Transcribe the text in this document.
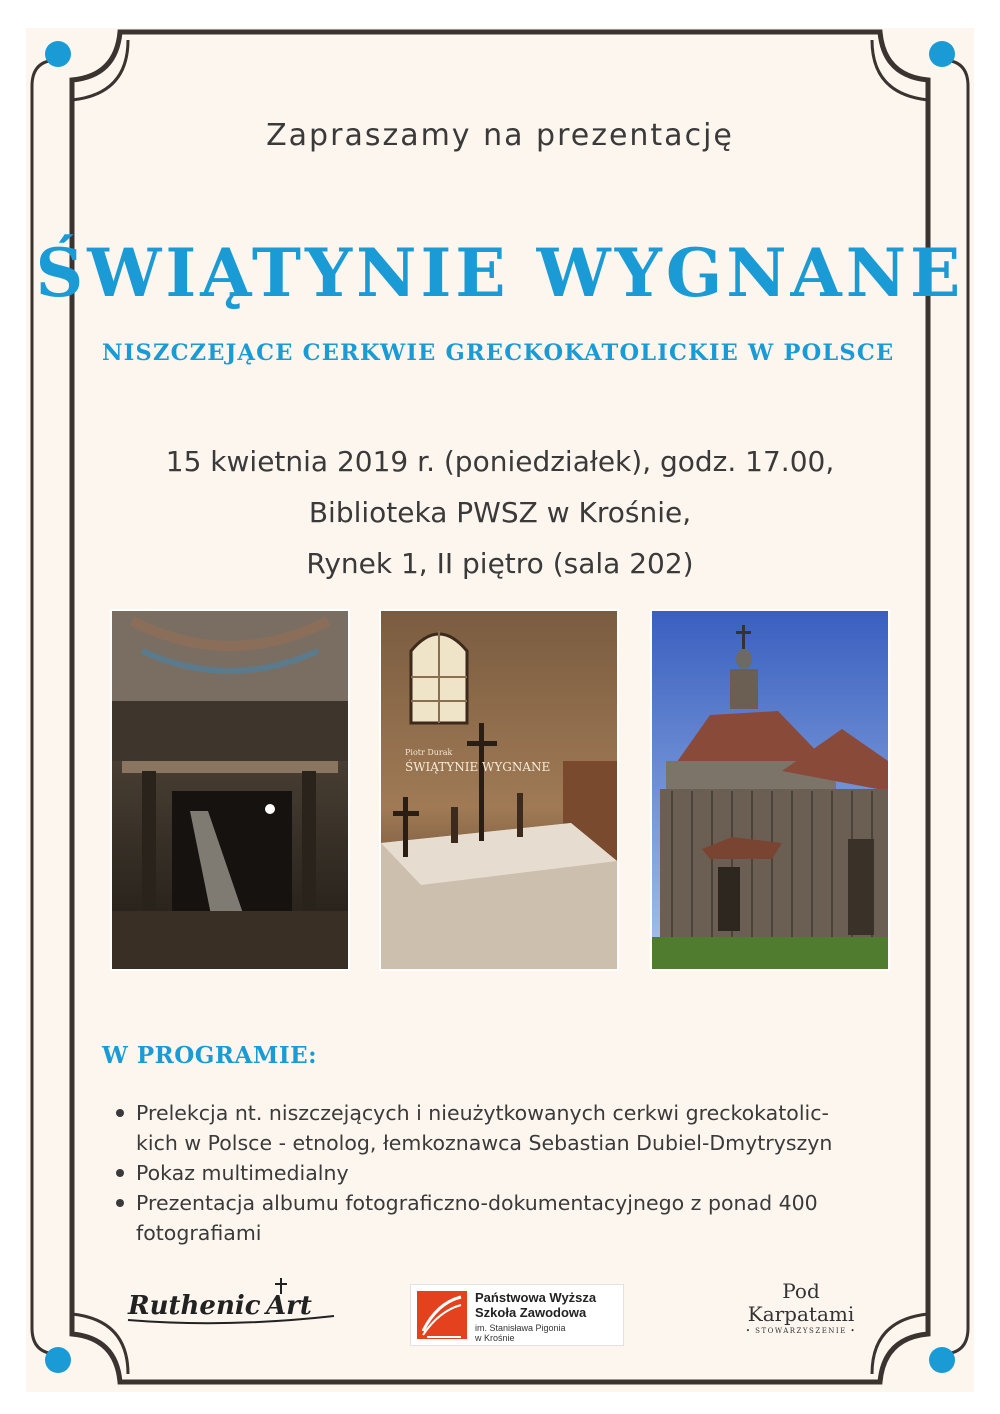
Zapraszamy na prezentację
ŚWIĄTYNIE WYGNANE
NISZCZEJĄCE CERKWIE GRECKOKATOLICKIE W POLSCE
15 kwietnia 2019 r. (poniedziałek), godz. 17.00,
Biblioteka PWSZ w Krośnie,
Rynek 1, II piętro (sala 202)
Piotr Durak
ŚWIĄTYNIE WYGNANE
W PROGRAMIE:
Prelekcja nt. niszczejących i nieużytkowanych cerkwi greckokatolic-
kich w Polsce - etnolog, łemkoznawca Sebastian Dubiel-Dmytryszyn
Pokaz multimedialny
Prezentacja albumu fotograficzno-dokumentacyjnego z ponad 400
fotografiami
Ruthenic Art	Państwowa Wyższa
Szkoła Zawodowa
im. Stanisława Pigonia
w Krośnie
Pod
Karpatami
• STOWARZYSZENIE •
